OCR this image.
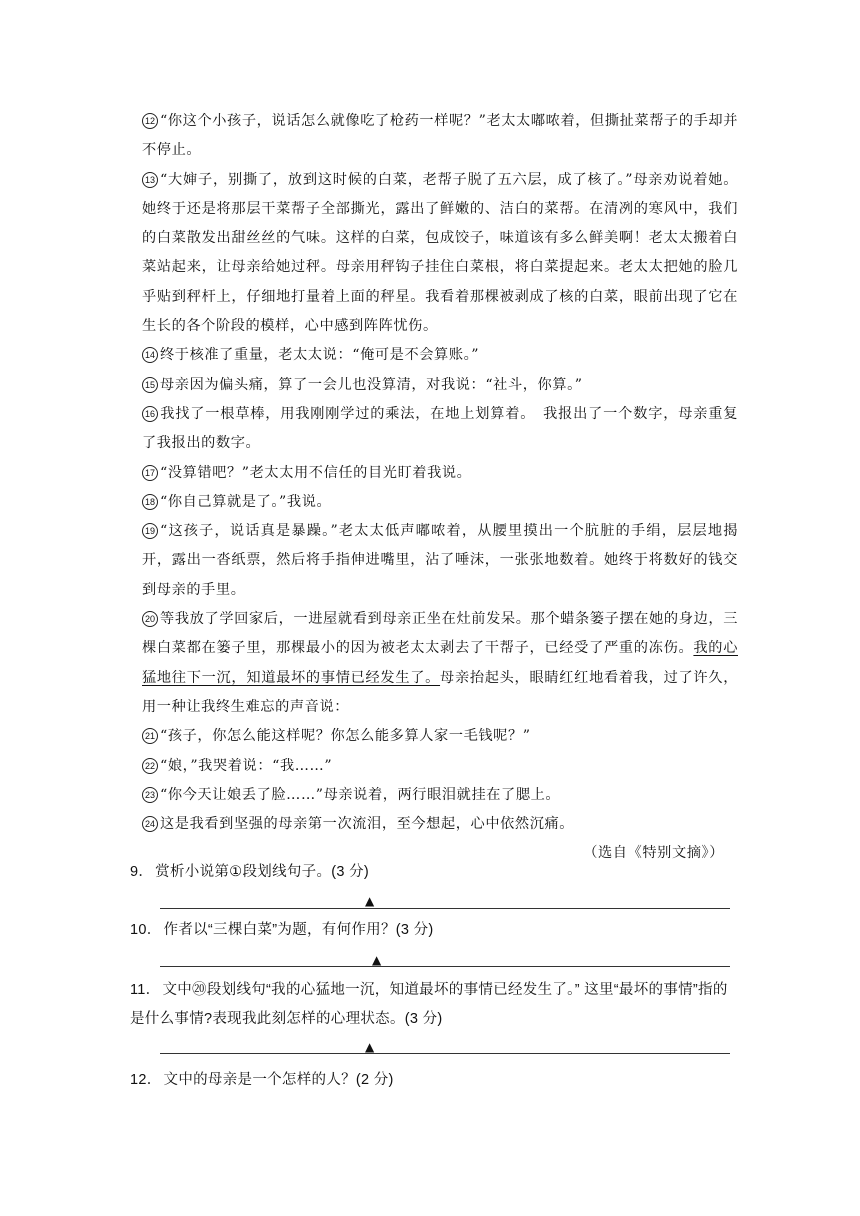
12 “你这个小孩子，说话怎么就像吃了枪药一样呢？”老太太嘟哝着，但撕扯菜帮子的手却并不停止。

13 “大婶子，别撕了，放到这时候的白菜，老帮子脱了五六层，成了核了。”母亲劝说着她。她终于还是将那层干菜帮子全部撕光，露出了鲜嫩的、洁白的菜帮。在清冽的寒风中，我们的白菜散发出甜丝丝的气味。这样的白菜，包成饺子，味道该有多么鲜美啊！老太太搬着白菜站起来，让母亲给她过秤。母亲用秤钩子挂住白菜根，将白菜提起来。老太太把她的脸几乎贴到秤杆上，仔细地打量着上面的秤星。我看着那棵被剥成了核的白菜，眼前出现了它在生长的各个阶段的模样，心中感到阵阵忧伤。

14 终于核准了重量，老太太说：“俺可是不会算账。”

15 母亲因为偏头痛，算了一会儿也没算清，对我说：“社斗，你算。”

16 我找了一根草棒，用我刚刚学过的乘法，在地上划算着。　我报出了一个数字，母亲重复了我报出的数字。

17 “没算错吧？”老太太用不信任的目光盯着我说。

18 “你自己算就是了。”我说。

19 “这孩子，说话真是暴躁。”老太太低声嘟哝着，从腰里摸出一个肮脏的手绢，层层地揭开，露出一沓纸票，然后将手指伸进嘴里，沾了唾沫，一张张地数着。她终于将数好的钱交到母亲的手里。

20 等我放了学回家后，一进屋就看到母亲正坐在灶前发呆。那个蜡条篓子摆在她的身边，三棵白菜都在篓子里，那棵最小的因为被老太太剥去了干帮子，已经受了严重的冻伤。我的心猛地往下一沉，知道最坏的事情已经发生了。母亲抬起头，眼睛红红地看着我，过了许久，用一种让我终生难忘的声音说：

21 “孩子，你怎么能这样呢？你怎么能多算人家一毛钱呢？”

22 “娘，”我哭着说：“我……”

23 “你今天让娘丢了脸……”母亲说着，两行眼泪就挂在了腮上。

24 这是我看到坚强的母亲第一次流泪，至今想起，心中依然沉痛。

（选自《特别文摘》）

9． 赏析小说第①段划线句子。(3 分)
▲
10． 作者以“三棵白菜”为题，有何作用？(3 分)
▲
11． 文中⑳段划线句“我的心猛地一沉，知道最坏的事情已经发生了。” 这里“最坏的事情”指的是什么事情?表现我此刻怎样的心理状态。(3 分)
▲
12． 文中的母亲是一个怎样的人？(2 分)
